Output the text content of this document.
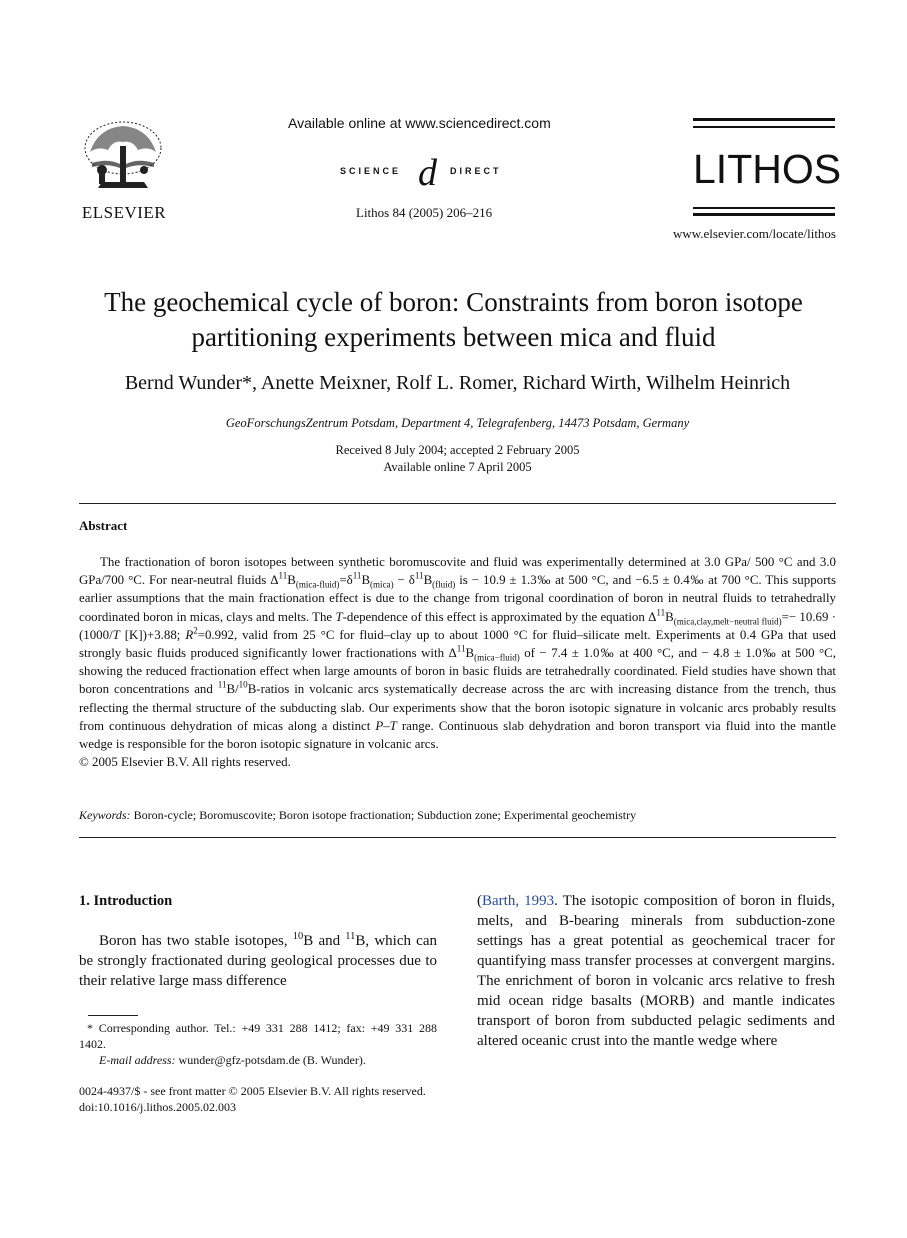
ELSEVIER
Available online at www.sciencedirect.com
SCIENCE d DIRECT
Lithos 84 (2005) 206–216
LITHOS
www.elsevier.com/locate/lithos
The geochemical cycle of boron: Constraints from boron isotope
partitioning experiments between mica and fluid
Bernd Wunder*, Anette Meixner, Rolf L. Romer, Richard Wirth, Wilhelm Heinrich
GeoForschungsZentrum Potsdam, Department 4, Telegrafenberg, 14473 Potsdam, Germany
Received 8 July 2004; accepted 2 February 2005
Available online 7 April 2005
Abstract

The fractionation of boron isotopes between synthetic boromuscovite and fluid was experimentally determined at 3.0 GPa/ 500 °C and 3.0 GPa/700 °C. For near-neutral fluids $\Delta^{11}B_{(mica-fluid)}=\delta^{11}B_{(mica)} - \delta^{11}B_{(fluid)}$ is − 10.9 ± 1.3‰ at 500 °C, and −6.5 ± 0.4‰ at 700 °C. This supports earlier assumptions that the main fractionation effect is due to the change from trigonal coordination of boron in neutral fluids to tetrahedrally coordinated boron in micas, clays and melts. The T-dependence of this effect is approximated by the equation $\Delta^{11}B_{(mica,clay,melt-neutral fluid)}=- 10.69 \cdot (1000/T$ [K])+3.88; $R^2=0.992$, valid from 25 °C for fluid–clay up to about 1000 °C for fluid–silicate melt. Experiments at 0.4 GPa that used strongly basic fluids produced significantly lower fractionations with $\Delta^{11}B_{(mica-fluid)}$ of − 7.4 ± 1.0‰ at 400 °C, and − 4.8 ± 1.0‰ at 500 °C, showing the reduced fractionation effect when large amounts of boron in basic fluids are tetrahedrally coordinated. Field studies have shown that boron concentrations and $^{11}$B/$^{10}$B-ratios in volcanic arcs systematically decrease across the arc with increasing distance from the trench, thus reflecting the thermal structure of the subducting slab. Our experiments show that the boron isotopic signature in volcanic arcs probably results from continuous dehydration of micas along a distinct P–T range. Continuous slab dehydration and boron transport via fluid into the mantle wedge is responsible for the boron isotopic signature in volcanic arcs.

© 2005 Elsevier B.V. All rights reserved.
Keywords: Boron-cycle; Boromuscovite; Boron isotope fractionation; Subduction zone; Experimental geochemistry
1. Introduction

Boron has two stable isotopes, $^{10}$B and $^{11}$B, which can be strongly fractionated during geological processes due to their relative large mass difference

(Barth, 1993. The isotopic composition of boron in fluids, melts, and B-bearing minerals from subduction-zone settings has a great potential as geochemical tracer for quantifying mass transfer processes at convergent margins. The enrichment of boron in volcanic arcs relative to fresh mid ocean ridge basalts (MORB) and mantle indicates transport of boron from subducted pelagic sediments and altered oceanic crust into the mantle wedge where

* Corresponding author. Tel.: +49 331 288 1412; fax: +49 331 288 1402.

E-mail address: wunder@gfz-potsdam.de (B. Wunder).

0024-4937/$ - see front matter © 2005 Elsevier B.V. All rights reserved.
doi:10.1016/j.lithos.2005.02.003
